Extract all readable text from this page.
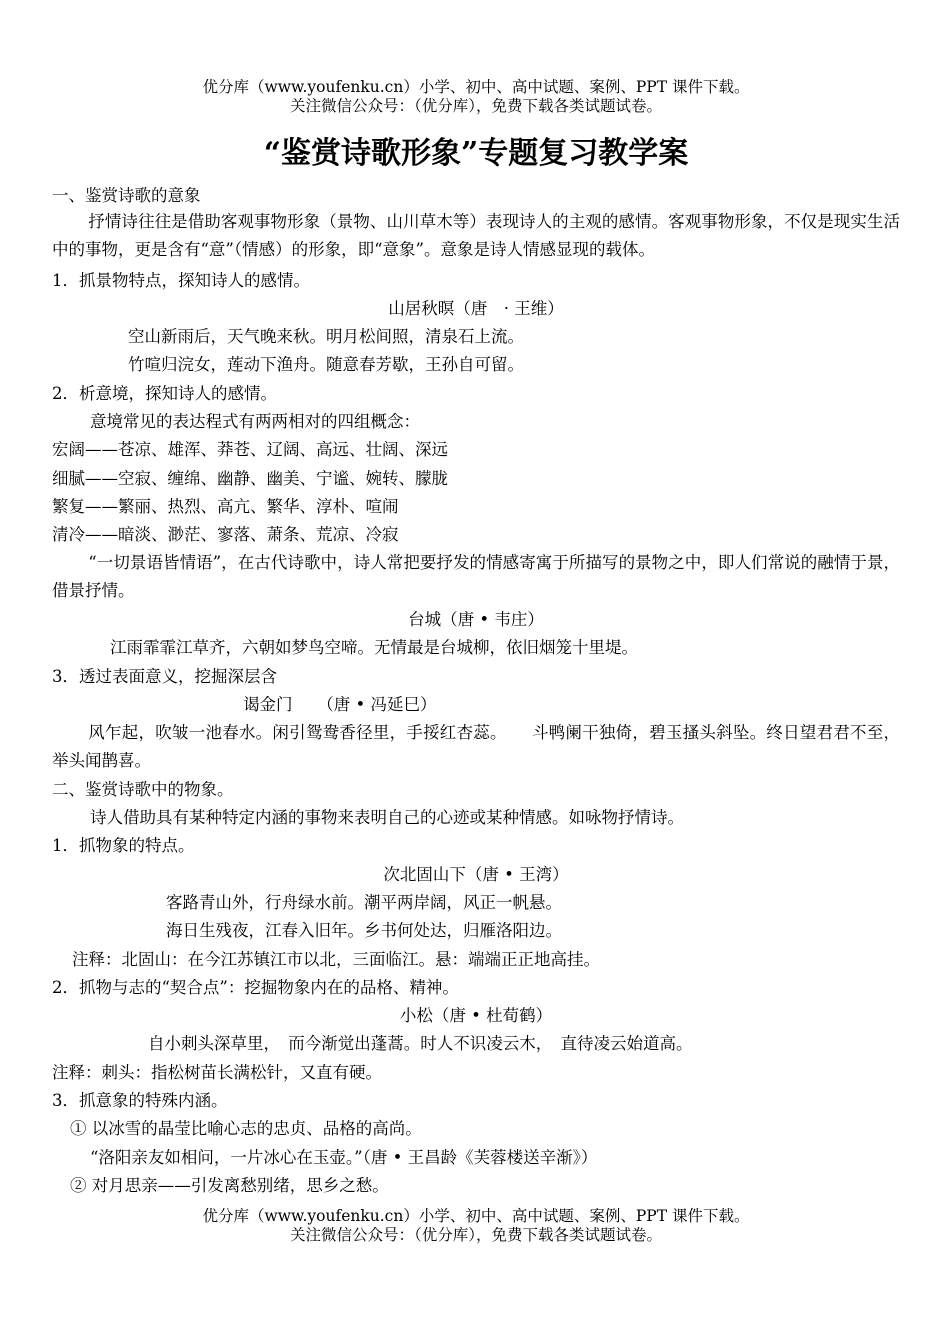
优分库（www.youfenku.cn）小学、初中、高中试题、案例、PPT 课件下载。
关注微信公众号：（优分库），免费下载各类试题试卷。
“鉴赏诗歌形象”专题复习教学案
一、鉴赏诗歌的意象
抒情诗往往是借助客观事物形象（景物、山川草木等）表现诗人的主观的感情。客观事物形象，不仅是现实生活中的事物，更是含有“意”（情感）的形象，即“意象”。意象是诗人情感显现的载体。
1．抓景物特点，探知诗人的感情。
山居秋暝（唐　· 王维）
空山新雨后，天气晚来秋。明月松间照，清泉石上流。
竹喧归浣女，莲动下渔舟。随意春芳歇，王孙自可留。
2．析意境，探知诗人的感情。
意境常见的表达程式有两两相对的四组概念：
宏阔——苍凉、雄浑、莽苍、辽阔、高远、壮阔、深远
细腻——空寂、缠绵、幽静、幽美、宁谧、婉转、朦胧
繁复——繁丽、热烈、高亢、繁华、淳朴、喧闹
清冷——暗淡、渺茫、寥落、萧条、荒凉、冷寂
“一切景语皆情语”，在古代诗歌中，诗人常把要抒发的情感寄寓于所描写的景物之中，即人们常说的融情于景，借景抒情。
台城（唐 • 韦庄）
江雨霏霏江草齐，六朝如梦鸟空啼。无情最是台城柳，依旧烟笼十里堤。
3．透过表面意义，挖掘深层含
谒金门　　（唐 • 冯延巳）
风乍起，吹皱一池春水。闲引鸳鸯香径里，手挼红杏蕊。　　斗鸭阑干独倚，碧玉搔头斜坠。终日望君君不至，举头闻鹊喜。
二、鉴赏诗歌中的物象。
诗人借助具有某种特定内涵的事物来表明自己的心迹或某种情感。如咏物抒情诗。
1．抓物象的特点。
次北固山下（唐 • 王湾）
客路青山外，行舟绿水前。潮平两岸阔，风正一帆悬。
海日生残夜，江春入旧年。乡书何处达，归雁洛阳边。
注释：北固山：在今江苏镇江市以北，三面临江。悬：端端正正地高挂。
2．抓物与志的“契合点”：挖掘物象内在的品格、精神。
小松（唐 • 杜荀鹤）
自小刺头深草里，　而今渐觉出蓬蒿。时人不识凌云木，　直待凌云始道高。
注释：刺头：指松树苗长满松针，又直有硬。
3．抓意象的特殊内涵。
① 以冰雪的晶莹比喻心志的忠贞、品格的高尚。
“洛阳亲友如相问，一片冰心在玉壶。”（唐 • 王昌龄《芙蓉楼送辛渐》）
② 对月思亲——引发离愁别绪，思乡之愁。
优分库（www.youfenku.cn）小学、初中、高中试题、案例、PPT 课件下载。
关注微信公众号：（优分库），免费下载各类试题试卷。
